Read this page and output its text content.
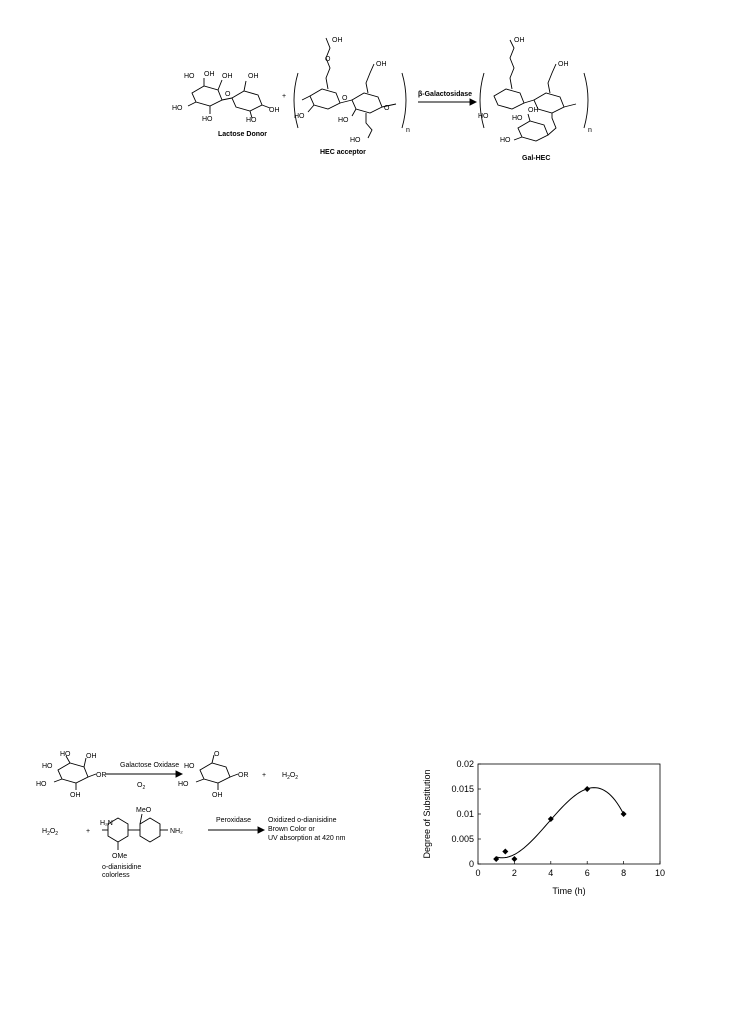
HO OH OH OH
HO
HO
O
HO
OH
Lactose Donor
+
OH
O
OH
HO
HO
HO
O
O
HEC acceptor
n
β-Galactosidase
OH
OH
HO
OH
HO
HO
n
Gal-HEC
HO
HO OH
HO
OH
OR
Galactose Oxidase
$O_2$
O
HO
HO
OH
OR + $H_2O_2$
$H_2O_2$	+
MeO
H₂N
NH₂
OMe
o-dianisidine
colorless
Peroxidase Oxidized o-dianisidine
Brown Color or
UV absorption at 420 nm
0	2	4	6	8	10
0
0.005
0.01
0.015
0.02
Time (h)
Degree of Substitution
